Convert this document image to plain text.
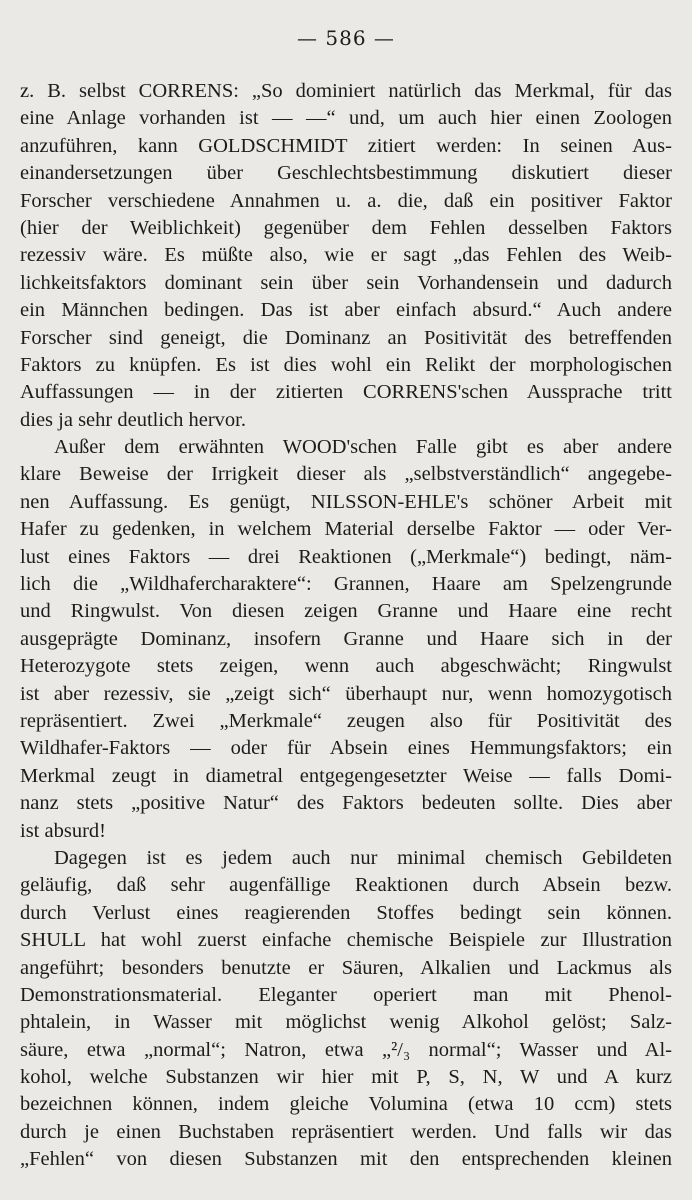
— 586 —
z. B. selbst CORRENS: „So dominiert natürlich das Merkmal, für das
eine Anlage vorhanden ist — —“ und, um auch hier einen Zoologen
anzuführen, kann GOLDSCHMIDT zitiert werden: In seinen Aus-
einandersetzungen über Geschlechtsbestimmung diskutiert dieser
Forscher verschiedene Annahmen u. a. die, daß ein positiver Faktor
(hier der Weiblichkeit) gegenüber dem Fehlen desselben Faktors
rezessiv wäre. Es müßte also, wie er sagt „das Fehlen des Weib-
lichkeitsfaktors dominant sein über sein Vorhandensein und dadurch
ein Männchen bedingen. Das ist aber einfach absurd.“ Auch andere
Forscher sind geneigt, die Dominanz an Positivität des betreffenden
Faktors zu knüpfen. Es ist dies wohl ein Relikt der morphologischen
Auffassungen — in der zitierten CORRENS'schen Aussprache tritt
dies ja sehr deutlich hervor.
Außer dem erwähnten WOOD'schen Falle gibt es aber andere
klare Beweise der Irrigkeit dieser als „selbstverständlich“ angegebe-
nen Auffassung. Es genügt, NILSSON-EHLE's schöner Arbeit mit
Hafer zu gedenken, in welchem Material derselbe Faktor — oder Ver-
lust eines Faktors — drei Reaktionen („Merkmale“) bedingt, näm-
lich die „Wildhafercharaktere“: Grannen, Haare am Spelzengrunde
und Ringwulst. Von diesen zeigen Granne und Haare eine recht
ausgeprägte Dominanz, insofern Granne und Haare sich in der
Heterozygote stets zeigen, wenn auch abgeschwächt; Ringwulst
ist aber rezessiv, sie „zeigt sich“ überhaupt nur, wenn homozygotisch
repräsentiert. Zwei „Merkmale“ zeugen also für Positivität des
Wildhafer-Faktors — oder für Absein eines Hemmungsfaktors; ein
Merkmal zeugt in diametral entgegengesetzter Weise — falls Domi-
nanz stets „positive Natur“ des Faktors bedeuten sollte. Dies aber
ist absurd!
Dagegen ist es jedem auch nur minimal chemisch Gebildeten
geläufig, daß sehr augenfällige Reaktionen durch Absein bezw.
durch Verlust eines reagierenden Stoffes bedingt sein können.
SHULL hat wohl zuerst einfache chemische Beispiele zur Illustration
angeführt; besonders benutzte er Säuren, Alkalien und Lackmus als
Demonstrationsmaterial. Eleganter operiert man mit Phenol-
phtalein, in Wasser mit möglichst wenig Alkohol gelöst; Salz-
säure, etwa „normal“; Natron, etwa „²/₃ normal“; Wasser und Al-
kohol, welche Substanzen wir hier mit P, S, N, W und A kurz
bezeichnen können, indem gleiche Volumina (etwa 10 ccm) stets
durch je einen Buchstaben repräsentiert werden. Und falls wir das
„Fehlen“ von diesen Substanzen mit den entsprechenden kleinen
